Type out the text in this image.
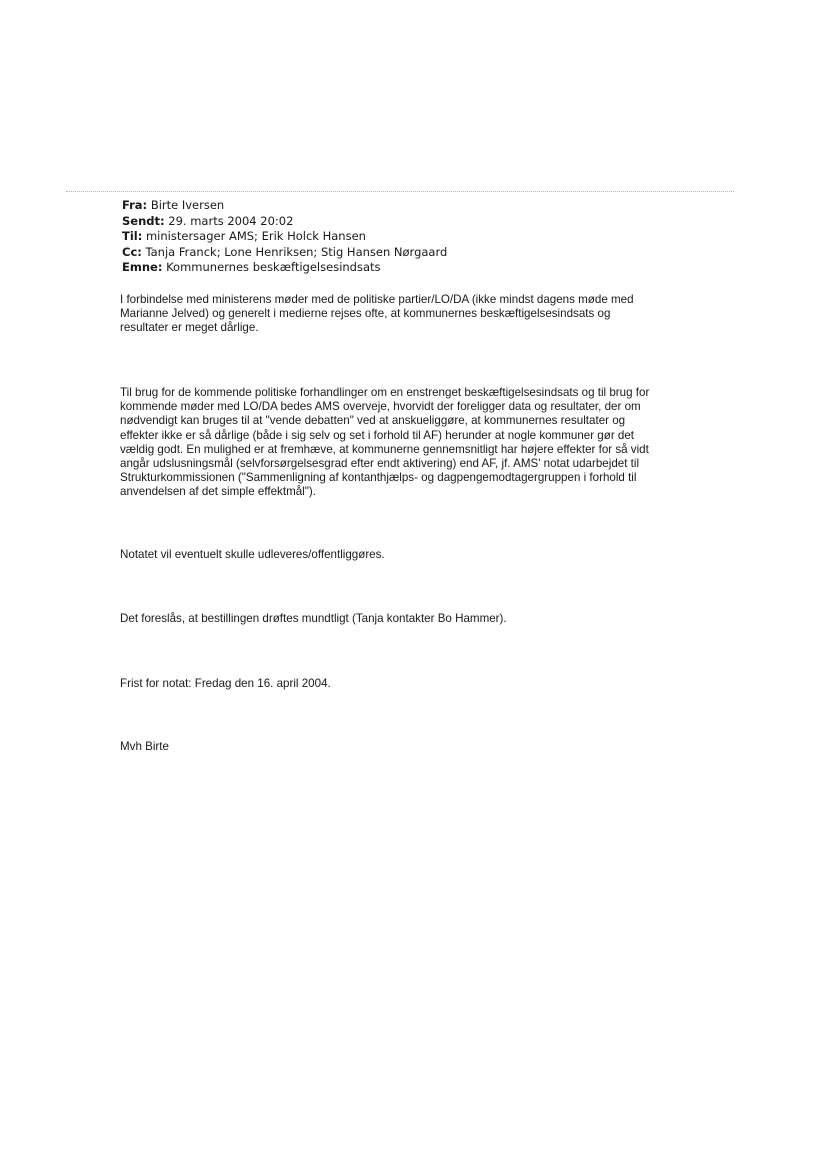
Fra: Birte Iversen
Sendt: 29. marts 2004 20:02
Til: ministersager AMS; Erik Holck Hansen
Cc: Tanja Franck; Lone Henriksen; Stig Hansen Nørgaard
Emne: Kommunernes beskæftigelsesindsats
I forbindelse med ministerens møder med de politiske partier/LO/DA (ikke mindst dagens møde med
Marianne Jelved) og generelt i medierne rejses ofte, at kommunernes beskæftigelsesindsats og
resultater er meget dårlige.
Til brug for de kommende politiske forhandlinger om en enstrenget beskæftigelsesindsats og til brug for
kommende møder med LO/DA bedes AMS overveje, hvorvidt der foreligger data og resultater, der om
nødvendigt kan bruges til at "vende debatten" ved at anskueliggøre, at kommunernes resultater og
effekter ikke er så dårlige (både i sig selv og set i forhold til AF) herunder at nogle kommuner gør det
vældig godt. En mulighed er at fremhæve, at kommunerne gennemsnitligt har højere effekter for så vidt
angår udslusningsmål (selvforsørgelsesgrad efter endt aktivering) end AF, jf. AMS' notat udarbejdet til
Strukturkommissionen ("Sammenligning af kontanthjælps- og dagpengemodtagergruppen i forhold til
anvendelsen af det simple effektmål").
Notatet vil eventuelt skulle udleveres/offentliggøres.
Det foreslås, at bestillingen drøftes mundtligt (Tanja kontakter Bo Hammer).
Frist for notat: Fredag den 16. april 2004.
Mvh Birte
